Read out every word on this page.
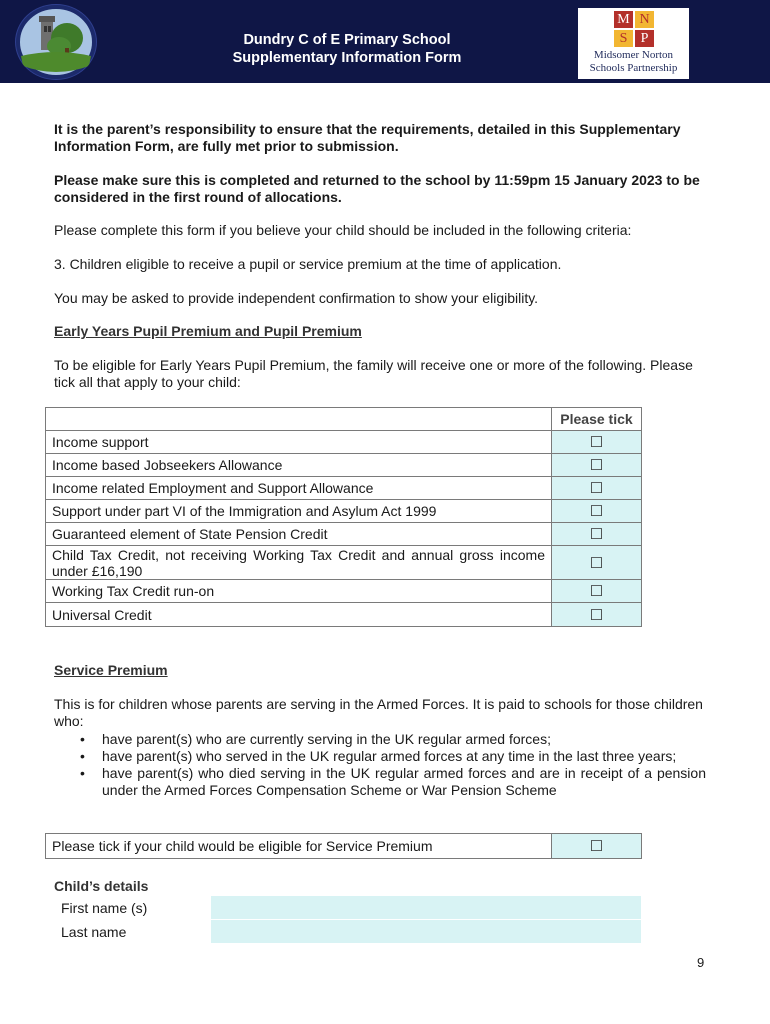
Dundry C of E Primary School
Supplementary Information Form
M N
S P
Midsomer Norton
Schools Partnership

It is the parent’s responsibility to ensure that the requirements, detailed in this Supplementary Information Form, are fully met prior to submission.

Please make sure this is completed and returned to the school by 11:59pm 15 January 2023 to be considered in the first round of allocations.

Please complete this form if you believe your child should be included in the following criteria:

3. Children eligible to receive a pupil or service premium at the time of application.

You may be asked to provide independent confirmation to show your eligibility.

Early Years Pupil Premium and Pupil Premium

To be eligible for Early Years Pupil Premium, the family will receive one or more of the following. Please tick all that apply to your child:

	Please tick
Income support	☐
Income based Jobseekers Allowance	☐
Income related Employment and Support Allowance	☐
Support under part VI of the Immigration and Asylum Act 1999	☐
Guaranteed element of State Pension Credit	☐
Child Tax Credit, not receiving Working Tax Credit and annual gross income under £16,190	☐
Working Tax Credit run-on	☐
Universal Credit	☐

Service Premium

This is for children whose parents are serving in the Armed Forces. It is paid to schools for those children who:

• have parent(s) who are currently serving in the UK regular armed forces;
• have parent(s) who served in the UK regular armed forces at any time in the last three years;
• have parent(s) who died serving in the UK regular armed forces and are in receipt of a pension under the Armed Forces Compensation Scheme or War Pension Scheme
Please tick if your child would be eligible for Service Premium	☐
Child’s details
First name (s)
Last name
9
